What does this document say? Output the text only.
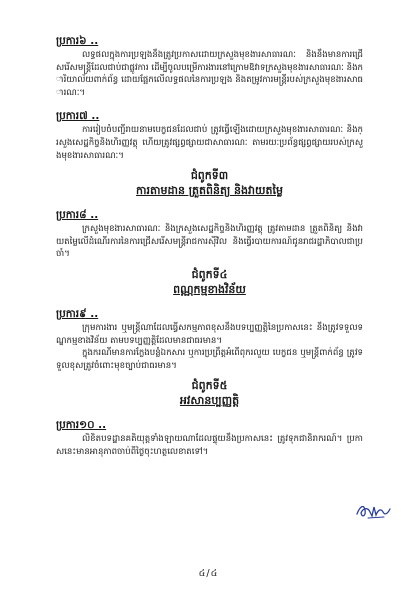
ប្រការ៦ ..

លទ្ធផលក្នុងការប្រឡងនឹងត្រូវប្រកាសដោយក្រសួងមុខងារសាធារណៈ និងនឹងមានការជ្រើសរើសមន្ត្រីដែលជាប់ជាផ្លូវការ ដើម្បីចូលបម្រើការងារនៅក្រោមឱវាទក្រសួងមុខងារសាធារណៈ និងការិយាល័យពាក់ព័ន្ធ ដោយផ្អែកលើលទ្ធផលនៃការប្រឡង និងតម្រូវការមន្ត្រីរបស់ក្រសួងមុខងារសាធារណៈ។

ប្រការ៧ ..

ការរៀបចំបញ្ជីរាយនាមបេក្ខជនដែលជាប់ ត្រូវធ្វើឡើងដោយក្រសួងមុខងារសាធារណៈ និងក្រសួងសេដ្ឋកិច្ចនិងហិរញ្ញវត្ថុ ហើយត្រូវផ្សព្វផ្សាយជាសាធារណៈ តាមរយៈប្រព័ន្ធផ្សព្វផ្សាយរបស់ក្រសួងមុខងារសាធារណៈ។

ជំពូកទី៣
ការតាមដាន ត្រួតពិនិត្យ និងវាយតម្លៃ
ប្រការ៨ ..

ក្រសួងមុខងារសាធារណៈ និងក្រសួងសេដ្ឋកិច្ចនិងហិរញ្ញវត្ថុ ត្រូវតាមដាន ត្រួតពិនិត្យ និងវាយតម្លៃលើដំណើរការនៃការជ្រើសរើសមន្ត្រីរាជការស៊ីវិល និងធ្វើរបាយការណ៍ជូនរាជរដ្ឋាភិបាលជាប្រចាំ។

ជំពូកទី៤
ពណ្ណកម្មខាងវិន័យ
ប្រការ៩ ..

ក្រុមការងារ ឬមន្ត្រីណាដែលធ្វើសកម្មភាពខុសនឹងបទប្បញ្ញត្តិនៃប្រកាសនេះ នឹងត្រូវទទួលទណ្ឌកម្មខាងវិន័យ តាមបទប្បញ្ញត្តិដែលមានជាធរមាន។

ក្នុងករណីមានការក្លែងបន្លំឯកសារ ឬការប្រព្រឹត្តអំពើពុករលួយ បេក្ខជន ឬមន្ត្រីពាក់ព័ន្ធ ត្រូវទទួលខុសត្រូវចំពោះមុខច្បាប់ជាធរមាន។

ជំពូកទី៥
អវសានប្បញ្ញត្តិ
ប្រការ១០ ..

លិខិតបទដ្ឋានគតិយុត្តទាំងឡាយណាដែលផ្ទុយនឹងប្រកាសនេះ ត្រូវទុកជានិរាករណ៍។ ប្រកាសនេះមានអានុភាពចាប់ពីថ្ងៃចុះហត្ថលេខាតទៅ។

៤/៤
